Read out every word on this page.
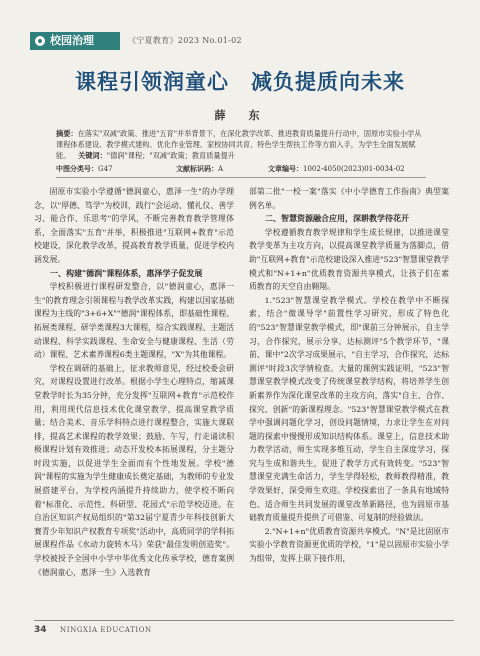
校园治理	《宁夏教育》2023 No.01-02
课程引领润童心　减负提质向未来
薛　东
摘要：在落实"双减"政策、推进"五育"并举背景下，在深化教学改革、推进教育质量提升行动中，固原市实验小学从课程体系建设、教学模式建构、优化作业管理、家校协同共育、特色学生帮扶工作等方面入手，为学生全面发展赋能。	关键词："德润"课程；"双减"政策；教育质量提升
中图分类号：G47	文献标识码：A	文章编号：1002-4050(2023)01-0034-02

固原市实验小学遵循"德润童心，惠泽一生"的办学理念，以"厚德、笃学"为校训，践行"会运动、懂礼仪、善学习、能合作、乐思考"的学风，不断完善教育教学管理体系，全面落实"五育"并举，积极推进"互联网+教育"示范校建设，深化教学改革，提高教育教学质量，促进学校内涵发展。

一、构建"德润"课程体系，惠泽学子促发展

学校积极进行课程研发整合，以"德润童心，惠泽一生"的教育理念引领课程与教学改革实践，构建以国家基础课程为主线的"3+6+X""德润"课程体系，即基础性课程、拓展类课程、研学类课程3大课程，综合实践课程、主题活动课程、科学实践课程、生命安全与健康课程、生活（劳动）课程、艺术素养课程6类主题课程，"X"为其他课程。

学校在调研的基础上，征求教师意见，经过校委会研究，对课程设置进行改革。根据小学生心理特点，缩减课堂教学时长为35分钟，充分发挥"互联网+教育"示范校作用，利用现代信息技术优化课堂教学，提高课堂教学质量；结合美术、音乐学科特点进行课程整合，实施大课联排，提高艺术课程的教学效果；鼓励、午写，行走诵读积极课程计划有效推进；动态开发校本拓展课程，分主题分时段实施，以促进学生全面而有个性地发展。学校"德润"课程的实施为学生健康成长奠定基础，为教师的专业发展搭建平台，为学校内涵提升持续助力，使学校不断向着"标准化、示范性、科研型、花园式"示范学校迈进。在自治区知识产权局组织的"第32届宁夏青少年科技创新大赛青少年知识产权教育专项奖"活动中，高质同学的学科拓展课程作品《水动力旋转木马》荣获"最佳发明创造奖"。学校被授予全国中小学中华优秀文化传承学校，德育案例《德润童心，惠泽一生》入选教育

部第二批"一校一案"落实《中小学德育工作指南》典型案例名单。

二、智慧资源融合应用，深耕教学待花开

学校遵循教育教学规律和学生成长规律，以推进课堂教学变革为主攻方向，以提高课堂教学质量为落脚点，借助"互联网+教育"示范校建设深入推进"523"智慧课堂教学模式和"N+1+n"优质教育资源共享模式，让孩子们在素质教育的天空自由翱翔。

1."523"智慧课堂教学模式。学校在教学中不断探索，结合"微课导学"前置性学习研究，形成了特色化的"523"智慧课堂教学模式，即"课前三分钟展示，自主学习，合作探究，展示分享，达标测评"5个教学环节，"课前、课中"2次学习成果展示，"自主学习，合作探究，达标测评"时段3次学情检查。大量的课例实践证明，"523"智慧课堂教学模式改变了传统课堂教学结构，将培养学生创新素养作为深化课堂改革的主攻方向，落实"自主、合作、探究、创新"的新课程理念。"523"智慧课堂教学模式在教学中强调问题化学习，创设问题情境，力求让学生在对问题的探索中慢慢形成知识结构体系。课堂上，信息技术助力教学活动，师生实现多维互动，学生自主深度学习，探究与生成和谐共生，促进了教学方式有效转变。"523"智慧课堂充满生命活力，学生学得轻松，教师教得精准，教学效果好，深受师生欢迎。学校探索出了一条具有地域特色、适合师生共同发展的课堂改革新路径，也为固原市基础教育质量提升提供了可借鉴、可复制的经验做法。

2."N+1+n"优质教育资源共享模式。"N"是比固原市实验小学教育资源更优质的学校，"1"是以固原市实验小学为组带，发挥上联下接作用，

34 NINGXIA EDUCATION
